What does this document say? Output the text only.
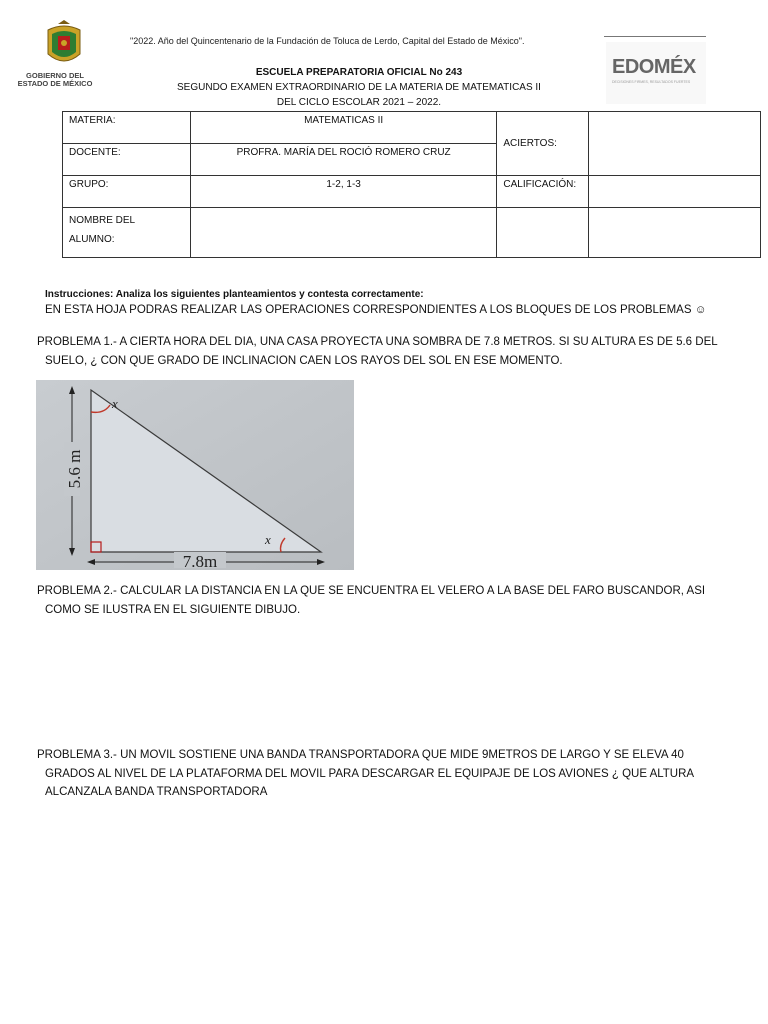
GOBIERNO DEL
ESTADO DE MÉXICO
"2022. Año del Quincentenario de la Fundación de Toluca de Lerdo, Capital del Estado de México".
EDOMÉX
DECISIONES FIRMES, RESULTADOS FUERTES
ESCUELA PREPARATORIA OFICIAL No 243
SEGUNDO EXAMEN EXTRAORDINARIO DE LA MATERIA DE MATEMATICAS II
DEL CICLO ESCOLAR 2021 – 2022.
MATERIA:	MATEMATICAS II	ACIERTOS:	
DOCENTE:	PROFRA. MARÍA DEL ROCIÓ ROMERO CRUZ		
GRUPO:	1-2, 1-3	CALIFICACIÓN:	

NOMBRE DEL
ALUMNO:			

Instrucciones: Analiza los siguientes planteamientos y contesta correctamente:
EN ESTA HOJA PODRAS REALIZAR LAS OPERACIONES CORRESPONDIENTES A LOS BLOQUES DE LOS PROBLEMAS ☺
PROBLEMA 1.- A CIERTA HORA DEL DIA, UNA CASA PROYECTA UNA SOMBRA DE 7.8 METROS. SI SU ALTURA ES DE 5.6 DEL
SUELO, ¿ CON QUE GRADO DE INCLINACION CAEN LOS RAYOS DEL SOL EN ESE MOMENTO.
5.6 m
7.8m
x
x
PROBLEMA 2.- CALCULAR LA DISTANCIA EN LA QUE SE ENCUENTRA EL VELERO A LA BASE DEL FARO BUSCANDOR, ASI
COMO SE ILUSTRA EN EL SIGUIENTE DIBUJO.
PROBLEMA 3.- UN MOVIL SOSTIENE UNA BANDA TRANSPORTADORA QUE MIDE 9METROS DE LARGO Y SE ELEVA 40
GRADOS AL NIVEL DE LA PLATAFORMA DEL MOVIL PARA DESCARGAR EL EQUIPAJE DE LOS AVIONES ¿ QUE ALTURA
ALCANZALA BANDA TRANSPORTADORA
